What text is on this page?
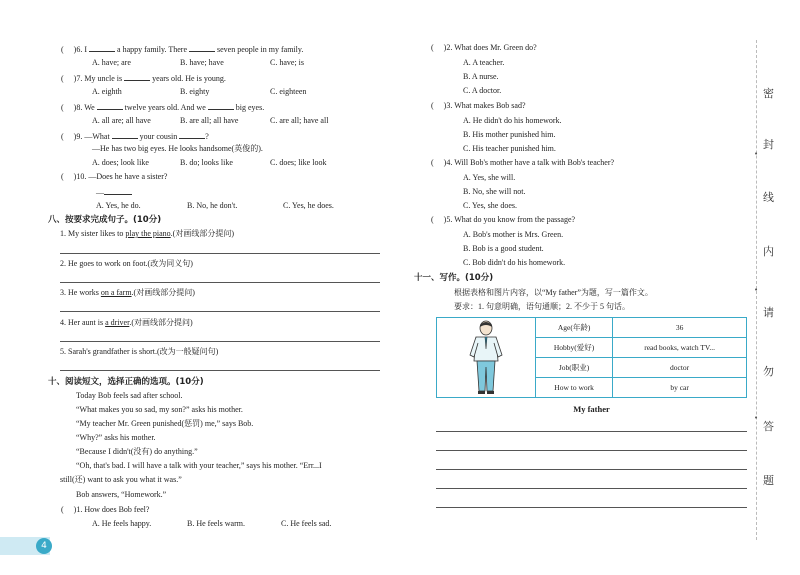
( )6. I	a happy family. There	seven people in my family.
A. have; are	B. have; have	C. have; is
( )7. My uncle is	years old. He is young.
A. eighth	B. eighty	C. eighteen
( )8. We	twelve years old. And we	big eyes.
A. all are; all have	B. are all; all have	C. are all; have all
( )9. —What	your cousin	?
—He has two big eyes. He looks handsome(英俊的).
A. does; look like	B. do; looks like	C. does; like look
( )10. —Does he have a sister?
—
A. Yes, he do.	B. No, he don't.	C. Yes, he does.
八、按要求完成句子。(10分)
1. My sister likes to play the piano.(对画线部分提问)
2. He goes to work on foot.(改为同义句)
3. He works on a farm.(对画线部分提问)
4. Her aunt is a driver.(对画线部分提问)
5. Sarah's grandfather is short.(改为一般疑问句)
十、阅读短文，选择正确的选项。(10分)
Today Bob feels sad after school.
“What makes you so sad, my son?” asks his mother.
“My teacher Mr. Green punished(惩罚) me,” says Bob.
“Why?” asks his mother.
“Because I didn't(没有) do anything.”
“Oh, that's bad. I will have a talk with your teacher,” says his mother. “Err...I
still(还) want to ask you what it was.”
Bob answers, “Homework.”
( )1. How does Bob feel?
A. He feels happy.	B. He feels warm.	C. He feels sad.
4
( )2. What does Mr. Green do?
A. A teacher.
B. A nurse.
C. A doctor.
( )3. What makes Bob sad?
A. He didn't do his homework.
B. His mother punished him.
C. His teacher punished him.
( )4. Will Bob's mother have a talk with Bob's teacher?
A. Yes, she will.
B. No, she will not.
C. Yes, she does.
( )5. What do you know from the passage?
A. Bob's mother is Mrs. Green.
B. Bob is a good student.
C. Bob didn't do his homework.
十一、写作。(10分)
根据表格和图片内容，以“My father”为题，写一篇作文。
要求：1. 句意明确，语句通顺；2. 不少于 5 句话。
	Age(年龄)	36
	Hobby(爱好)	read books, watch TV...
	Job(职业)	doctor
	How to work	by car
My father
密
•
封
线
内
•
请
勿
•
答
题
